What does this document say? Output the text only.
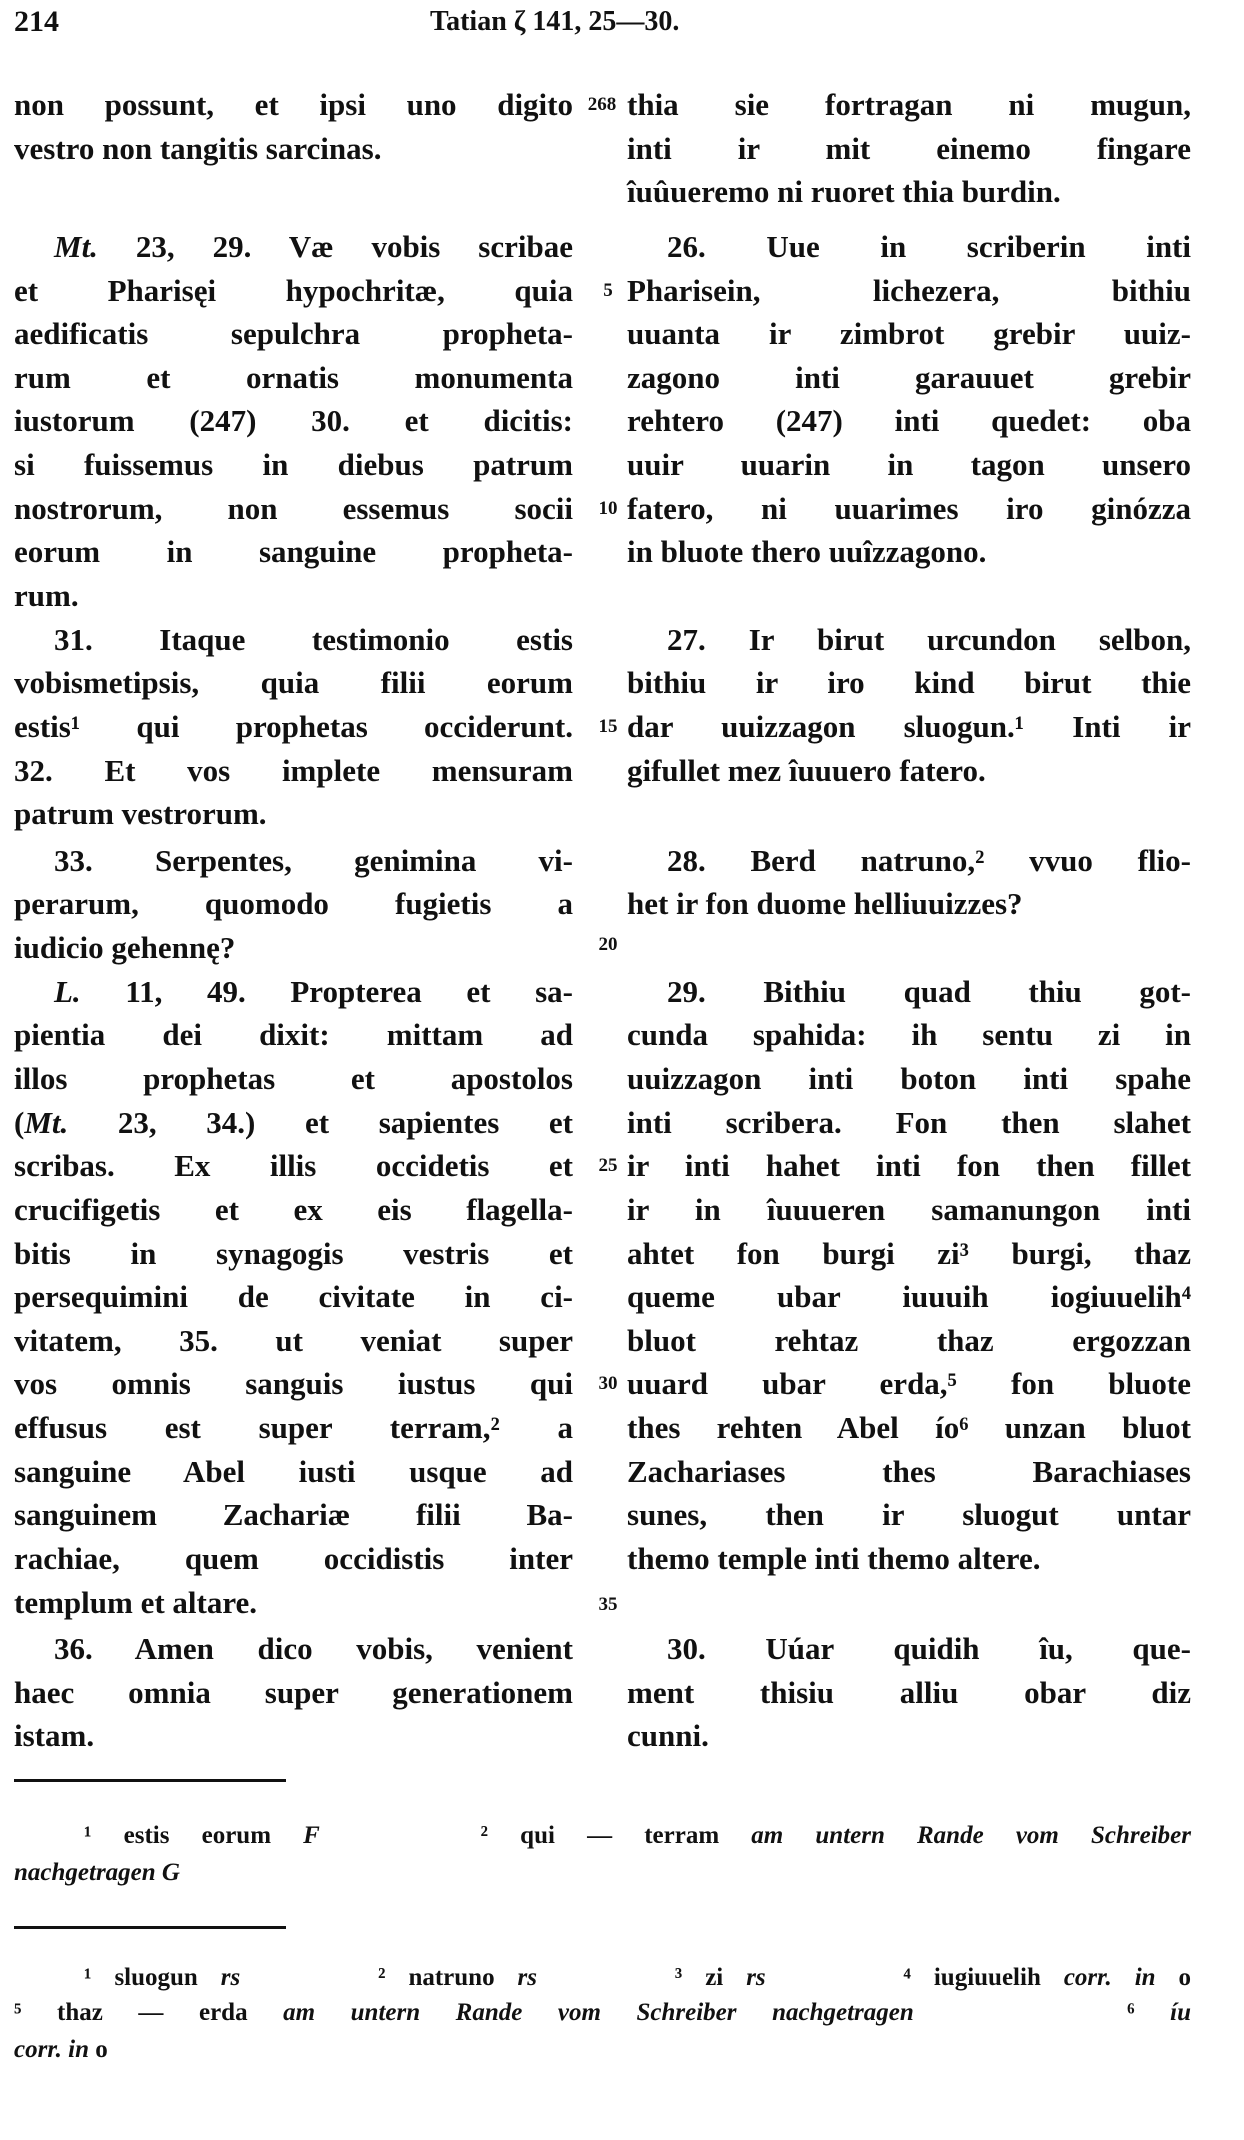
214	Tatian ζ 141, 25—30.
non possunt, et ipsi uno digito
vestro non tangitis sarcinas.
Mt. 23, 29. Væ vobis scribae
et Pharisęi hypochritæ, quia
aedificatis sepulchra propheta-
rum et ornatis monumenta
iustorum (247) 30. et dicitis:
si fuissemus in diebus patrum
nostrorum, non essemus socii
eorum in sanguine propheta-
rum.
31. Itaque testimonio estis
vobismetipsis, quia filii eorum
estis¹ qui prophetas occiderunt.
32. Et vos implete mensuram
patrum vestrorum.
33. Serpentes, genimina vi-
perarum, quomodo fugietis a
iudicio gehennę?
L. 11, 49. Propterea et sa-
pientia dei dixit: mittam ad
illos prophetas et apostolos
(Mt. 23, 34.) et sapientes et
scribas. Ex illis occidetis et
crucifigetis et ex eis flagella-
bitis in synagogis vestris et
persequimini de civitate in ci-
vitatem, 35. ut veniat super
vos omnis sanguis iustus qui
effusus est super terram,² a
sanguine Abel iusti usque ad
sanguinem Zachariæ filii Ba-
rachiae, quem occidistis inter
templum et altare.
36. Amen dico vobis, venient
haec omnia super generationem
istam.
thia sie fortragan ni mugun,
inti ir mit einemo fingare
îuûueremo ni ruoret thia burdin.
26. Uue in scriberin inti
Pharisein, lichezera, bithiu
uuanta ir zimbrot grebir uuiz-
zagono inti garauuet grebir
rehtero (247) inti quedet: oba
uuir uuarin in tagon unsero
fatero, ni uuarimes iro ginózza
in bluote thero uuîzzagono.
27. Ir birut urcundon selbon,
bithiu ir iro kind birut thie
dar uuizzagon sluogun.¹ Inti ir
gifullet mez îuuuero fatero.
28. Berd natruno,² vvuo flio-
het ir fon duome helliuuizzes?
29. Bithiu quad thiu got-
cunda spahida: ih sentu zi in
uuizzagon inti boton inti spahe
inti scribera. Fon then slahet
ir inti hahet inti fon then fillet
ir in îuuueren samanungon inti
ahtet fon burgi zi³ burgi, thaz
queme ubar iuuuih iogiuuelih⁴
bluot rehtaz thaz ergozzan
uuard ubar erda,⁵ fon bluote
thes rehten Abel ío⁶ unzan bluot
Zachariases thes Barachiases
sunes, then ir sluogut untar
themo temple inti themo altere.
30. Uúar quidih îu, que-
ment thisiu alliu obar diz
cunni.
268
5
10
15
20
25
30
35
¹ estis eorum F     ² qui — terram am untern Rande vom Schreiber
nachgetragen G
¹ sluogun rs      ² natruno rs      ³ zi rs      ⁴ iugiuuelih corr. in o
⁵ thaz — erda am untern Rande vom Schreiber nachgetragen      ⁶ íu
corr. in o
